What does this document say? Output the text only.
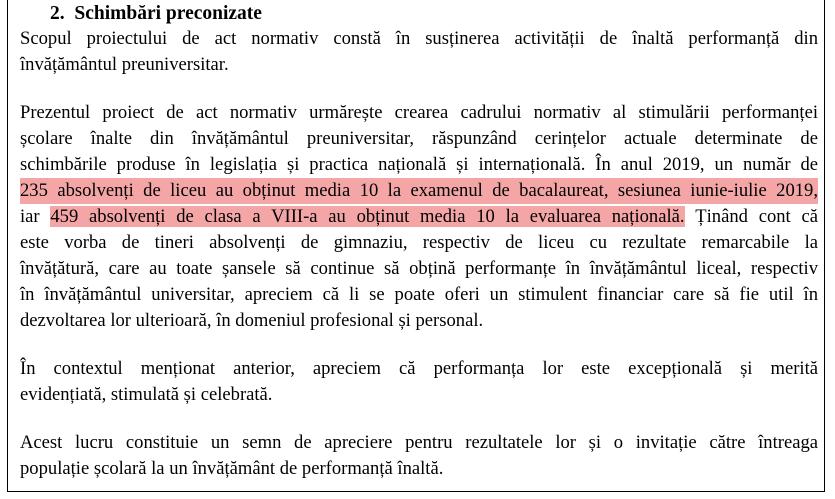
2. Schimbări preconizate

Scopul proiectului de act normativ constă în susținerea activității de înaltă performanță din
învățământul preuniversitar.

Prezentul proiect de act normativ urmărește crearea cadrului normativ al stimulării performanței
școlare înalte din învățământul preuniversitar, răspunzând cerințelor actuale determinate de
schimbările produse în legislația și practica națională și internațională. În anul 2019, un număr de
235 absolvenți de liceu au obținut media 10 la examenul de bacalaureat, sesiunea iunie-iulie 2019,
iar 459 absolvenți de clasa a VIII-a au obținut media 10 la evaluarea națională. Ținând cont că
este vorba de tineri absolvenți de gimnaziu, respectiv de liceu cu rezultate remarcabile la
învățătură, care au toate șansele să continue să obțină performanțe în învățământul liceal, respectiv
în învățământul universitar, apreciem că li se poate oferi un stimulent financiar care să fie util în
dezvoltarea lor ulterioară, în domeniul profesional și personal.

În contextul menționat anterior, apreciem că performanța lor este excepțională și merită
evidențiată, stimulată și celebrată.

Acest lucru constituie un semn de apreciere pentru rezultatele lor și o invitație către întreaga
populație școlară la un învățământ de performanță înaltă.
